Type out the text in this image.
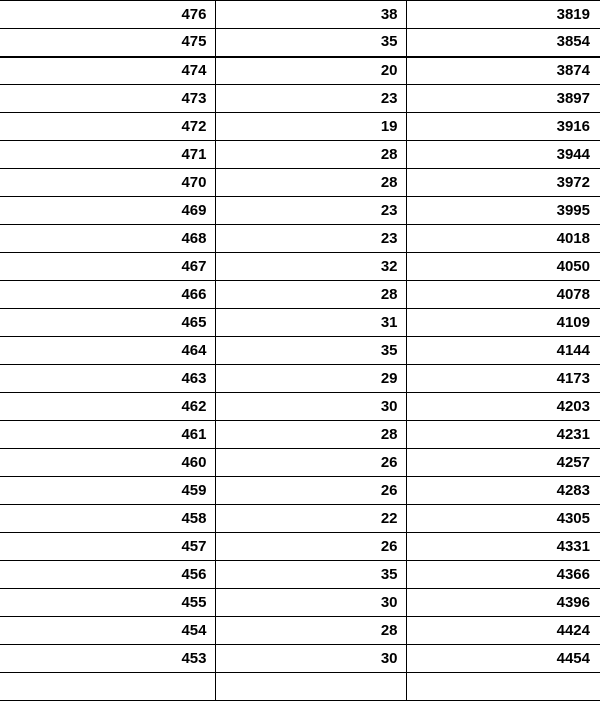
476	38	3819
475	35	3854
474	20	3874
473	23	3897
472	19	3916
471	28	3944
470	28	3972
469	23	3995
468	23	4018
467	32	4050
466	28	4078
465	31	4109
464	35	4144
463	29	4173
462	30	4203
461	28	4231
460	26	4257
459	26	4283
458	22	4305
457	26	4331
456	35	4366
455	30	4396
454	28	4424
453	30	4454
